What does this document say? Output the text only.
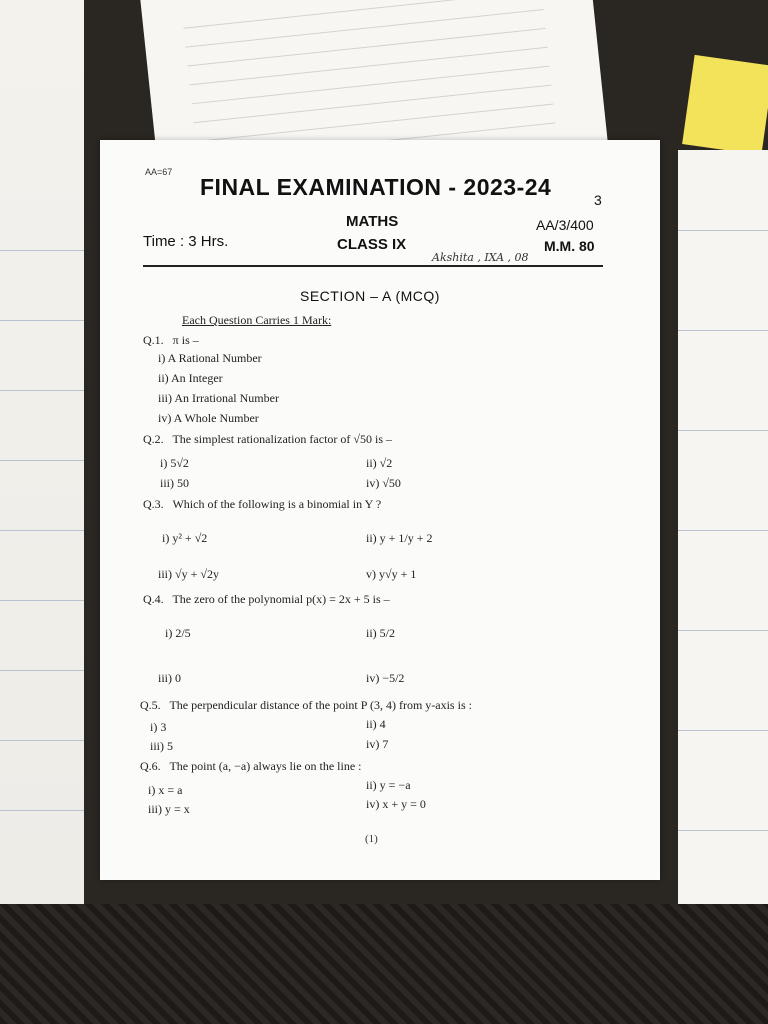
AA=67
FINAL EXAMINATION - 2023-24	3
MATHS	AA/3/400
Time : 3 Hrs.	CLASS IX	M.M. 80
Akshita , IXA , 08
SECTION – A (MCQ)
Each Question Carries 1 Mark:
Q.1. π is –
i) A Rational Number
ii) An Integer
iii) An Irrational Number
iv) A Whole Number
Q.2. The simplest rationalization factor of √50 is –
i) 5√2	ii) √2
iii) 50	iv) √50
Q.3. Which of the following is a binomial in Y ?
i) y² + √2	ii) y + 1/y + 2
iii) √y + √2y	v) y√y + 1
Q.4. The zero of the polynomial p(x) = 2x + 5 is –
i) 2/5	ii) 5/2
iii) 0	iv) −5/2
Q.5. The perpendicular distance of the point P (3, 4) from y-axis is :
i) 3	ii) 4
iii) 5	iv) 7
Q.6. The point (a, −a) always lie on the line :
i) x = a	ii) y = −a
iii) y = x	iv) x + y = 0
(1)
